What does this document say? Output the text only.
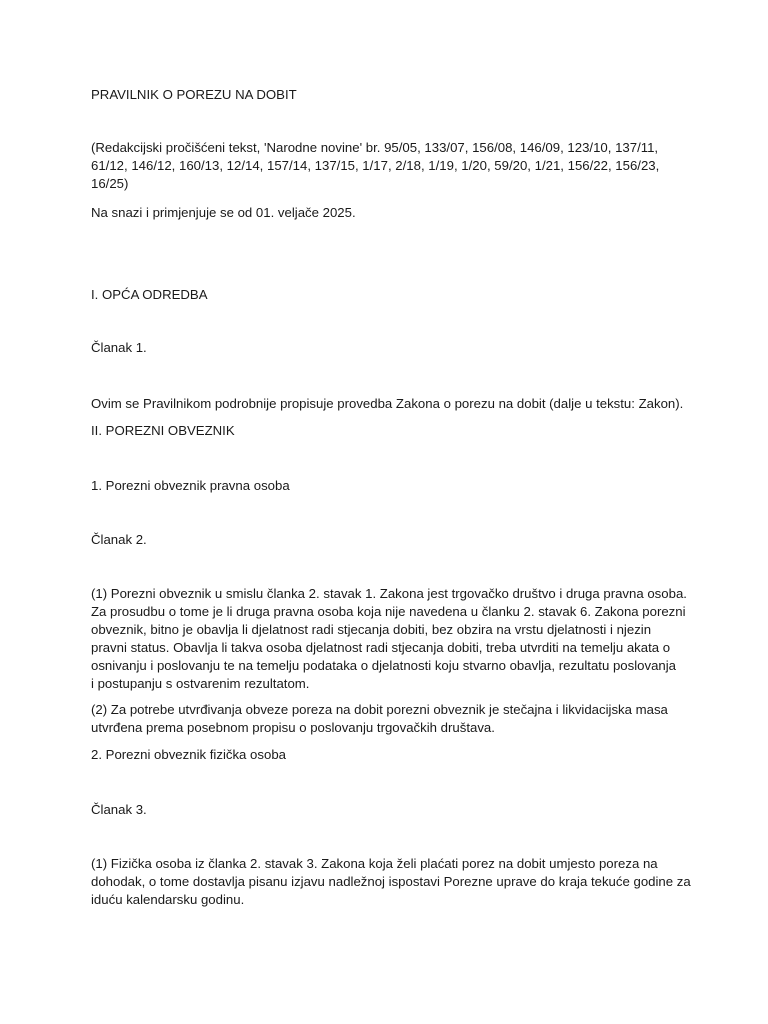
PRAVILNIK O POREZU NA DOBIT

(Redakcijski pročišćeni tekst, 'Narodne novine' br. 95/05, 133/07, 156/08, 146/09, 123/10, 137/11,
61/12, 146/12, 160/13, 12/14, 157/14, 137/15, 1/17, 2/18, 1/19, 1/20, 59/20, 1/21, 156/22, 156/23,
16/25)

Na snazi i primjenjuje se od 01. veljače 2025.

I. OPĆA ODREDBA

Članak 1.

Ovim se Pravilnikom podrobnije propisuje provedba Zakona o porezu na dobit (dalje u tekstu: Zakon).

II. POREZNI OBVEZNIK

1. Porezni obveznik pravna osoba

Članak 2.

(1) Porezni obveznik u smislu članka 2. stavak 1. Zakona jest trgovačko društvo i druga pravna osoba.
Za prosudbu o tome je li druga pravna osoba koja nije navedena u članku 2. stavak 6. Zakona porezni
obveznik, bitno je obavlja li djelatnost radi stjecanja dobiti, bez obzira na vrstu djelatnosti i njezin
pravni status. Obavlja li takva osoba djelatnost radi stjecanja dobiti, treba utvrditi na temelju akata o
osnivanju i poslovanju te na temelju podataka o djelatnosti koju stvarno obavlja, rezultatu poslovanja
i postupanju s ostvarenim rezultatom.
(2) Za potrebe utvrđivanja obveze poreza na dobit porezni obveznik je stečajna i likvidacijska masa
utvrđena prema posebnom propisu o poslovanju trgovačkih društava.

2. Porezni obveznik fizička osoba

Članak 3.

(1) Fizička osoba iz članka 2. stavak 3. Zakona koja želi plaćati porez na dobit umjesto poreza na
dohodak, o tome dostavlja pisanu izjavu nadležnoj ispostavi Porezne uprave do kraja tekuće godine za
iduću kalendarsku godinu.
